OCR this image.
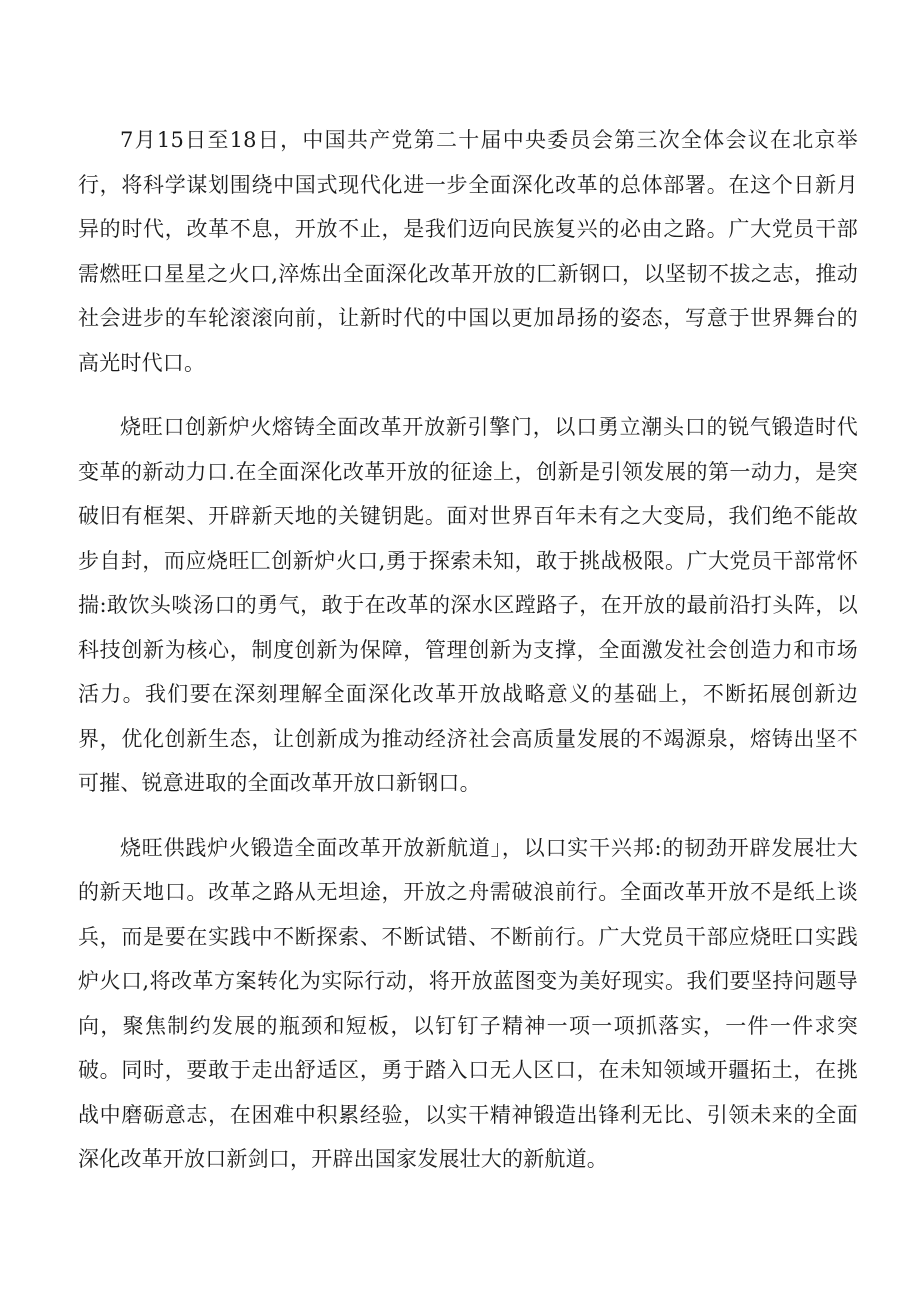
7月15日至18日，中国共产党第二十届中央委员会第三次全体会议在北京举行，将科学谋划围绕中国式现代化进一步全面深化改革的总体部署。在这个日新月异的时代，改革不息，开放不止，是我们迈向民族复兴的必由之路。广大党员干部需燃旺口星星之火口,淬炼出全面深化改革开放的匚新钢口，以坚韧不拔之志，推动社会进步的车轮滚滚向前，让新时代的中国以更加昂扬的姿态，写意于世界舞台的高光时代口。

烧旺口创新炉火熔铸全面改革开放新引擎门，以口勇立潮头口的锐气锻造时代变革的新动力口.在全面深化改革开放的征途上，创新是引领发展的第一动力，是突破旧有框架、开辟新天地的关键钥匙。面对世界百年未有之大变局，我们绝不能故步自封，而应烧旺匚创新炉火口,勇于探索未知，敢于挑战极限。广大党员干部常怀揣:敢饮头啖汤口的勇气，敢于在改革的深水区蹚路子，在开放的最前沿打头阵，以科技创新为核心，制度创新为保障，管理创新为支撑，全面激发社会创造力和市场活力。我们要在深刻理解全面深化改革开放战略意义的基础上，不断拓展创新边界，优化创新生态，让创新成为推动经济社会高质量发展的不竭源泉，熔铸出坚不可摧、锐意进取的全面改革开放口新钢口。

烧旺供践炉火锻造全面改革开放新航道」，以口实干兴邦:的韧劲开辟发展壮大的新天地口。改革之路从无坦途，开放之舟需破浪前行。全面改革开放不是纸上谈兵，而是要在实践中不断探索、不断试错、不断前行。广大党员干部应烧旺口实践炉火口,将改革方案转化为实际行动，将开放蓝图变为美好现实。我们要坚持问题导向，聚焦制约发展的瓶颈和短板，以钉钉子精神一项一项抓落实，一件一件求突破。同时，要敢于走出舒适区，勇于踏入口无人区口，在未知领域开疆拓土，在挑战中磨砺意志，在困难中积累经验，以实干精神锻造出锋利无比、引领未来的全面深化改革开放口新剑口，开辟出国家发展壮大的新航道。
